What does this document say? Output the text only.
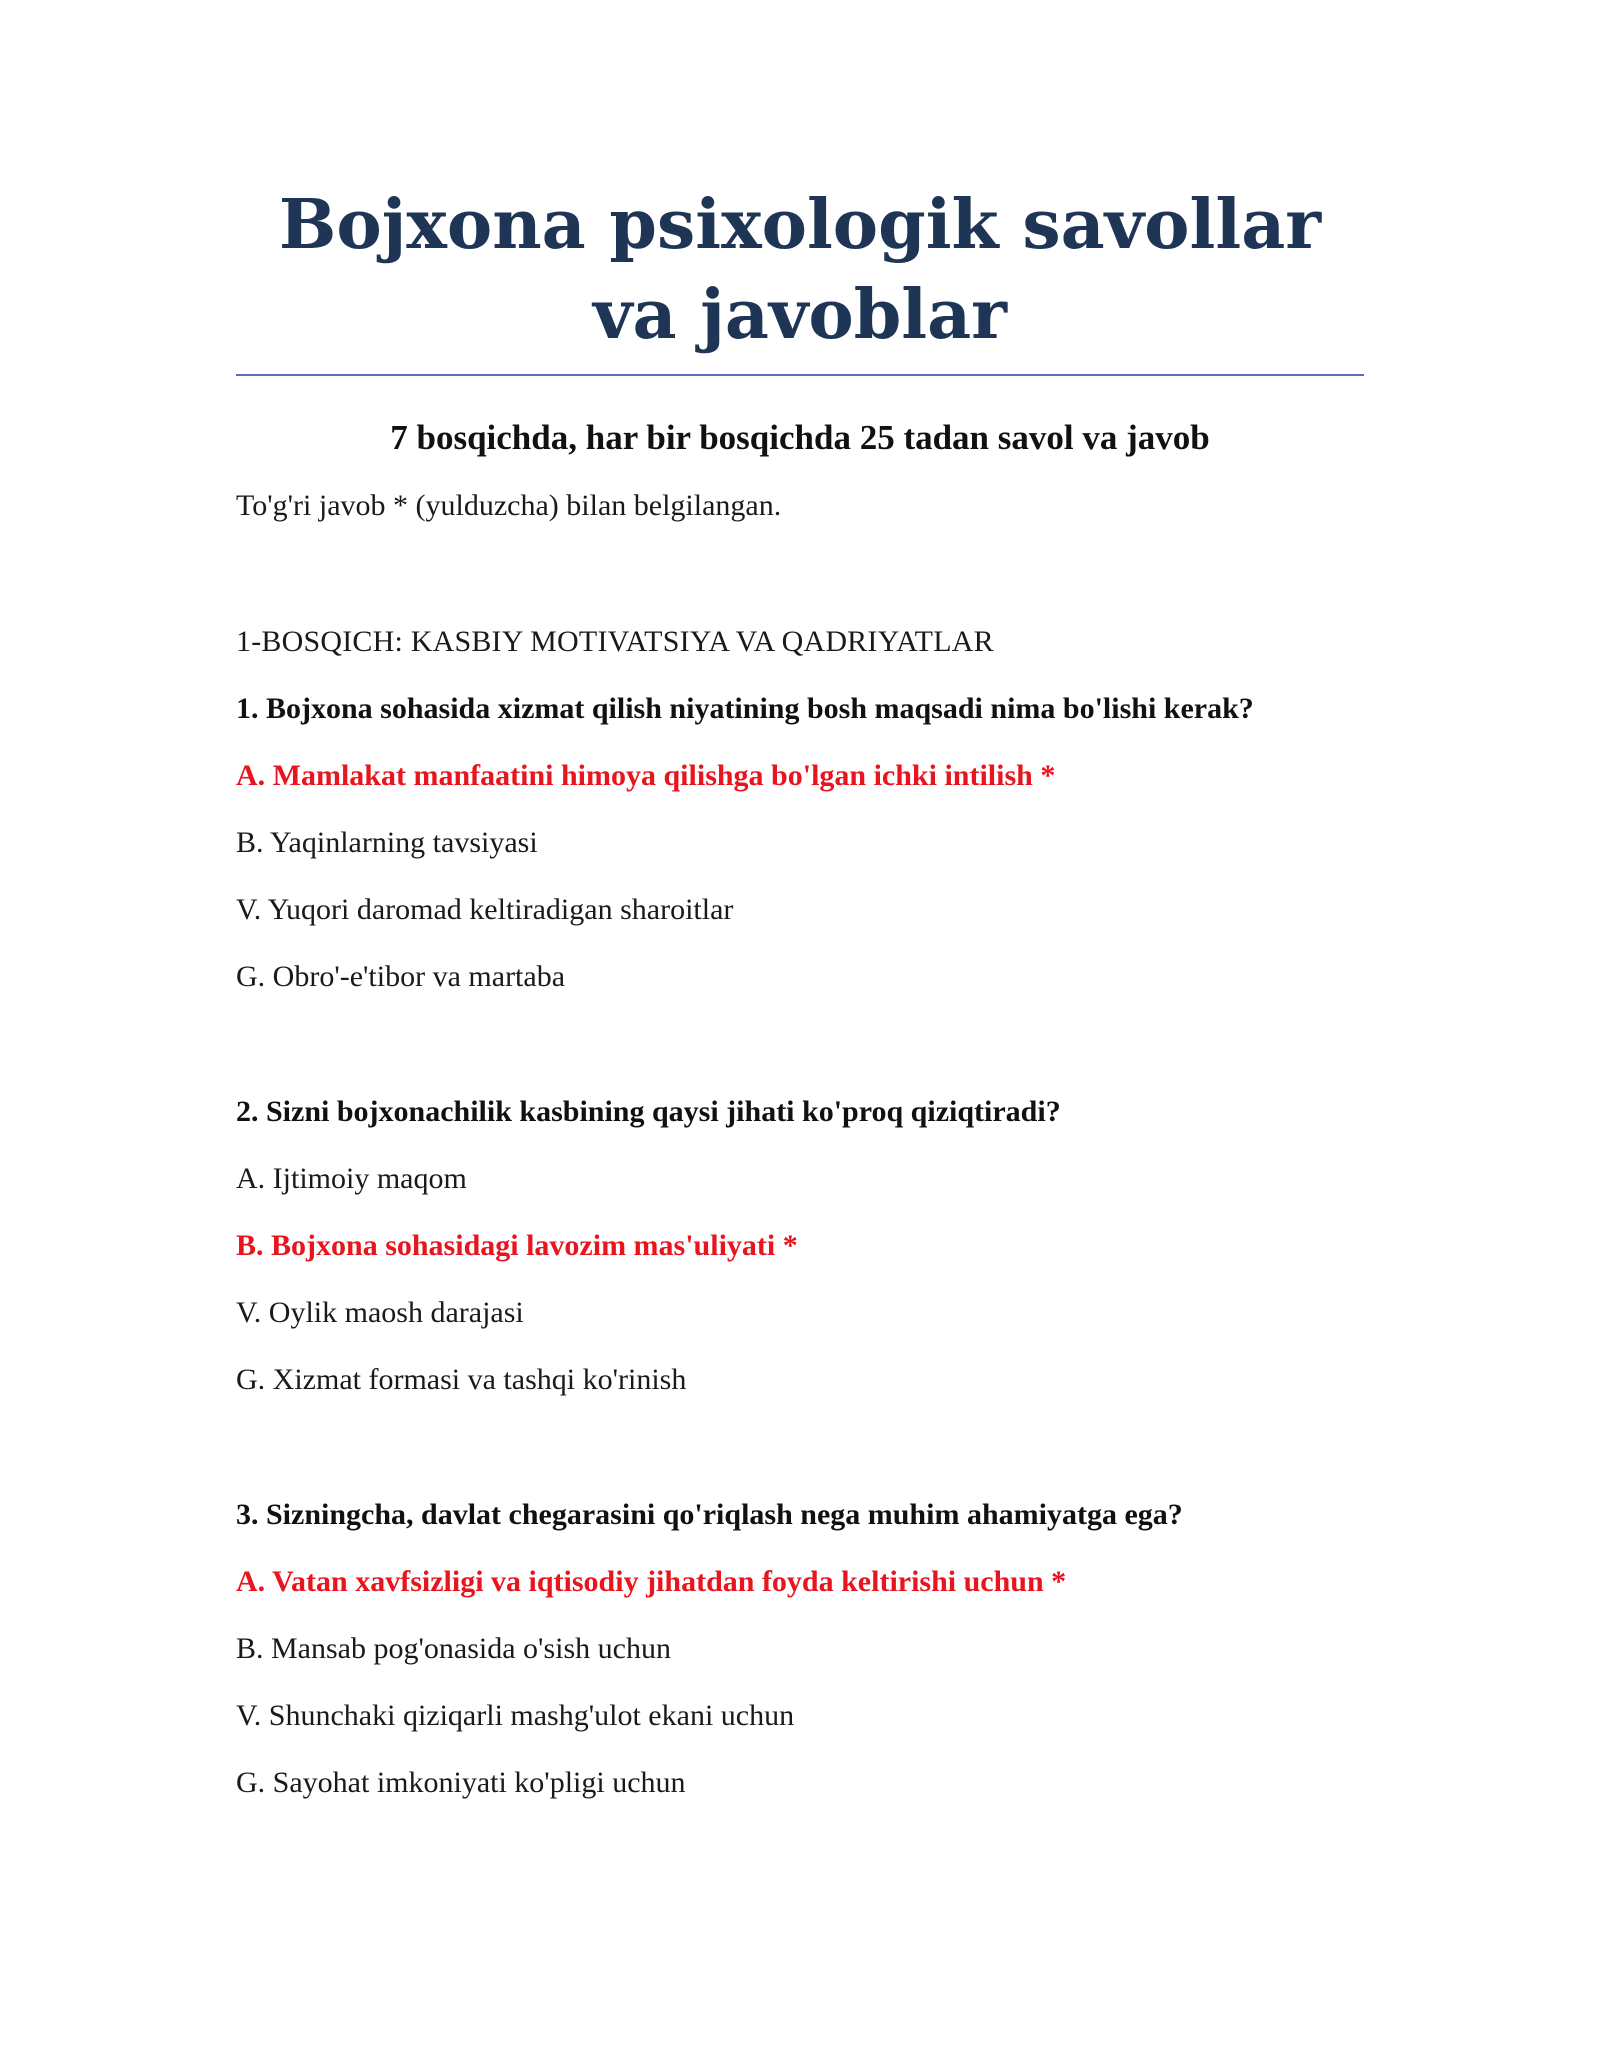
Bojxona psixologik savollar va javoblar
7 bosqichda, har bir bosqichda 25 tadan savol va javob
To'g'ri javob * (yulduzcha) bilan belgilangan.
1-BOSQICH: KASBIY MOTIVATSIYA VA QADRIYATLAR
1. Bojxona sohasida xizmat qilish niyatining bosh maqsadi nima bo'lishi kerak?
A. Mamlakat manfaatini himoya qilishga bo'lgan ichki intilish *
B. Yaqinlarning tavsiyasi
V. Yuqori daromad keltiradigan sharoitlar
G. Obro'-e'tibor va martaba
2. Sizni bojxonachilik kasbining qaysi jihati ko'proq qiziqtiradi?
A. Ijtimoiy maqom
B. Bojxona sohasidagi lavozim mas'uliyati *
V. Oylik maosh darajasi
G. Xizmat formasi va tashqi ko'rinish
3. Sizningcha, davlat chegarasini qo'riqlash nega muhim ahamiyatga ega?
A. Vatan xavfsizligi va iqtisodiy jihatdan foyda keltirishi uchun *
B. Mansab pog'onasida o'sish uchun
V. Shunchaki qiziqarli mashg'ulot ekani uchun
G. Sayohat imkoniyati ko'pligi uchun
